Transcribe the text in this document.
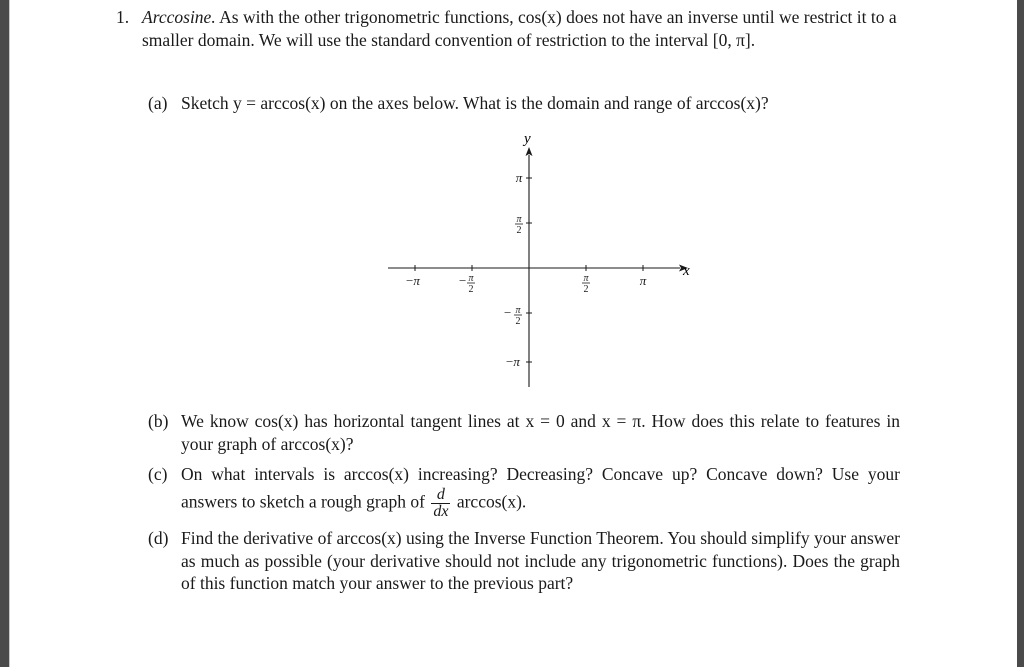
1. Arccosine. As with the other trigonometric functions, cos(x) does not have an inverse until we restrict it to a smaller domain. We will use the standard convention of restriction to the interval [0, π].
(a) Sketch y = arccos(x) on the axes below. What is the domain and range of arccos(x)?
x
y
−π	− π
2
π
2
π
π
π
2
− π
2
−π
(b) We know cos(x) has horizontal tangent lines at x = 0 and x = π. How does this relate to features in your graph of arccos(x)?
(c) On what intervals is arccos(x) increasing? Decreasing? Concave up? Concave down? Use your answers to sketch a rough graph of $\frac{d}{dx} \arccos(x)$.
(d) Find the derivative of arccos(x) using the Inverse Function Theorem. You should simplify your answer as much as possible (your derivative should not include any trigonometric functions). Does the graph of this function match your answer to the previous part?
